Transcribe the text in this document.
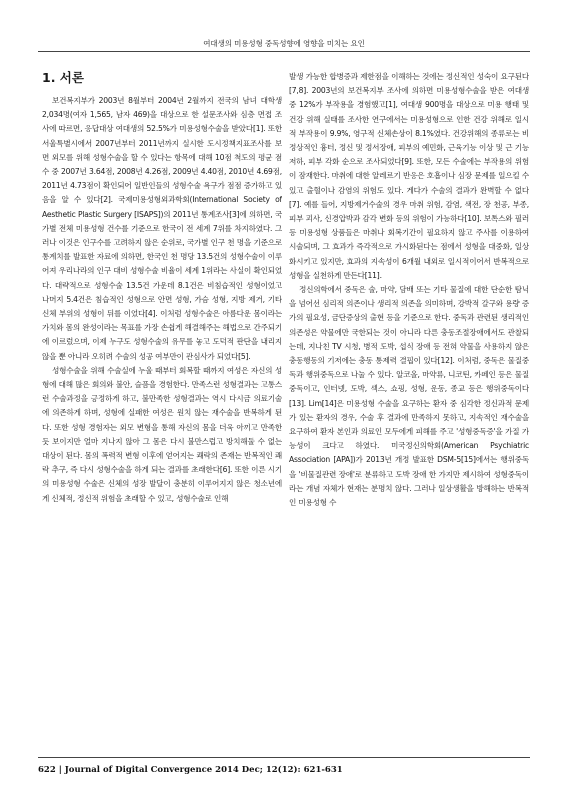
여대생의 미용성형 중독성향에 영향을 미치는 요인
1. 서론

보건복지부가 2003년 8월부터 2004년 2월까지 전국의 남녀 대학생 2,034명(여자 1,565, 남자 469)을 대상으로 한 설문조사와 심층 면접 조사에 따르면, 응답대상 여대생의 52.5%가 미용성형수술을 받았다[1]. 또한 서울특별시에서 2007년부터 2011년까지 실시한 도시정책지표조사를 보면 외모를 위해 성형수술을 할 수 있다는 항목에 대해 10점 척도의 평균 점수 중 2007년 3.64점, 2008년 4.26점, 2009년 4.40점, 2010년 4.69점, 2011년 4.73점이 확인되어 일반인들의 성형수술 욕구가 점점 증가하고 있음을 알 수 있다[2]. 국제미용성형외과학회(International Society of Aesthetic Plastic Surgery [ISAPS])의 2011년 통계조사[3]에 의하면, 국가별 전체 미용성형 건수를 기준으로 한국이 전 세계 7위를 차지하였다. 그러나 이것은 인구수를 고려하지 않은 순위로, 국가별 인구 천 명을 기준으로 통계치를 발표한 자료에 의하면, 한국인 천 명당 13.5건의 성형수술이 이루어져 우리나라의 인구 대비 성형수술 비율이 세계 1위라는 사실이 확인되었다. 대략적으로 성형수술 13.5건 가운데 8.1건은 비침습적인 성형이었고 나머지 5.4건은 침습적인 성형으로 안면 성형, 가슴 성형, 지방 제거, 기타 신체 부위의 성형이 뒤를 이었다[4]. 이처럼 성형수술은 아름다운 몸이라는 가치와 몸의 완성이라는 목표를 가장 손쉽게 해결해주는 해법으로 간주되기에 이르렀으며, 이제 누구도 성형수술의 유무를 놓고 도덕적 판단을 내리지 않을 뿐 아니라 오히려 수술의 성공 여부만이 관심사가 되었다[5].

성형수술을 위해 수술실에 누울 때부터 회복할 때까지 여성은 자신의 성형에 대해 많은 회의와 불안, 슬픔을 경험한다. 만족스런 성형결과는 고통스런 수술과정을 긍정하게 하고, 불만족한 성형결과는 역시 다시금 의료기술에 의존하게 하며, 성형에 실패한 여성은 원치 않는 재수술을 반복하게 된다. 또한 성형 경험자는 외모 변형을 통해 자신의 몸을 더욱 아끼고 만족한 듯 보이지만 얼마 지나지 않아 그 몸은 다시 불만스럽고 방치해둘 수 없는 대상이 된다. 몸의 폭력적 변형 이후에 얻어지는 쾌락의 존재는 반복적인 쾌락 추구, 즉 다시 성형수술을 하게 되는 결과를 초래한다[6]. 또한 이른 시기의 미용성형 수술은 신체의 성장 발달이 충분히 이루어지지 않은 청소년에게 신체적, 정신적 위험을 초래할 수 있고, 성형수술로 인해

발생 가능한 합병증과 제한점을 이해하는 것에는 정신적인 성숙이 요구된다[7,8]. 2003년의 보건복지부 조사에 의하면 미용성형수술을 받은 여대생 중 12%가 부작용을 경험했고[1], 여대생 900명을 대상으로 미용 행태 및 건강 위해 실태를 조사한 연구에서는 미용성형으로 인한 건강 위해로 일시적 부작용이 9.9%, 영구적 신체손상이 8.1%였다. 건강위해의 종류로는 비정상적인 흉터, 정신 및 정서장애, 피부의 예민화, 근육기능 이상 및 근 기능저하, 피부 각화 순으로 조사되었다[9]. 또한, 모든 수술에는 부작용의 위험이 잠재한다. 마취에 대한 알레르기 반응은 호흡이나 심장 문제를 일으킬 수 있고 출혈이나 감염의 위험도 있다. 게다가 수술의 결과가 완벽할 수 없다[7]. 예를 들어, 지방제거수술의 경우 마취 위험, 감염, 색전, 장 천공, 부종, 피부 괴사, 신경압박과 감각 변화 등의 위험이 가능하다[10]. 보톡스와 필러 등 미용성형 상품들은 마취나 회복기간이 필요하지 않고 주사를 이용하여 시술되며, 그 효과가 즉각적으로 가시화된다는 점에서 성형을 대중화, 일상화시키고 있지만, 효과의 지속성이 6개월 내외로 일시적이어서 반복적으로 성형을 실천하게 만든다[11].

정신의학에서 중독은 술, 마약, 담배 또는 기타 물질에 대한 단순한 탐닉을 넘어선 심리적 의존이나 생리적 의존을 의미하며, 강박적 갈구와 용량 증가의 필요성, 금단증상의 출현 등을 기준으로 한다. 중독과 관련된 생리적인 의존성은 약물에만 국한되는 것이 아니라 다른 충동조절장애에서도 관찰되는데, 지나친 TV 시청, 병적 도박, 섭식 장애 등 전혀 약물을 사용하지 않은 충동행동의 기저에는 충동 통제력 결핍이 있다[12]. 이처럼, 중독은 물질중독과 행위중독으로 나눌 수 있다. 알코올, 마약류, 니코틴, 카페인 등은 물질중독이고, 인터넷, 도박, 섹스, 쇼핑, 성형, 운동, 종교 등은 행위중독이다[13]. Lim[14]은 미용성형 수술을 요구하는 환자 중 심각한 정신과적 문제가 있는 환자의 경우, 수술 후 결과에 만족하지 못하고, 지속적인 재수술을 요구하여 환자 본인과 의료인 모두에게 피해를 주고 '성형중독증'을 가질 가능성이 크다고 하였다. 미국정신의학회(American Psychiatric Association [APA])가 2013년 개정 발표한 DSM-5[15]에서는 행위중독을 '비물질관련 장애'로 분류하고 도박 장애 한 가지만 제시하여 성형중독이라는 개념 자체가 현재는 분명치 않다. 그러나 일상생활을 방해하는 반복적인 미용성형 수

622 | Journal of Digital Convergence 2014 Dec; 12(12): 621-631
